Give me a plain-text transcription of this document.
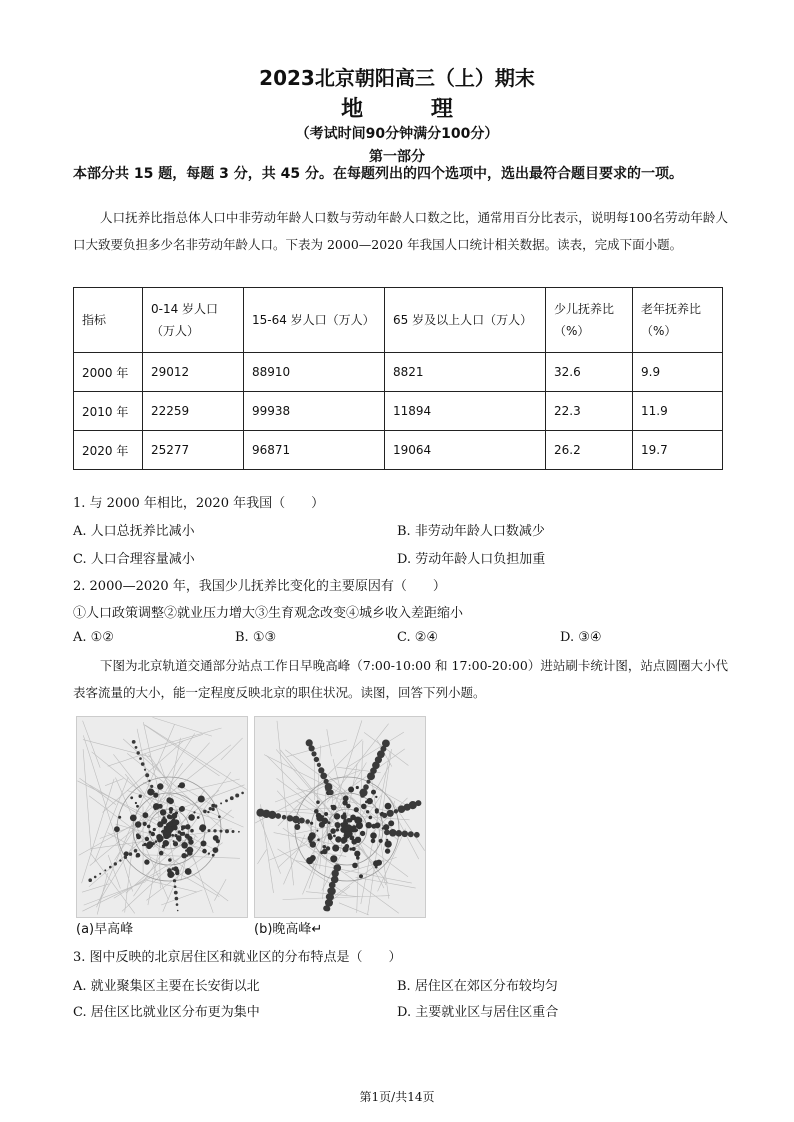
2023北京朝阳高三（上）期末
地 理
（考试时间90分钟满分100分）
第一部分
本部分共 15 题，每题 3 分，共 45 分。在每题列出的四个选项中，选出最符合题目要求的一项。
人口抚养比指总体人口中非劳动年龄人口数与劳动年龄人口数之比，通常用百分比表示，说明每100名劳动年龄人口大致要负担多少名非劳动年龄人口。下表为 2000—2020 年我国人口统计相关数据。读表，完成下面小题。
指标	0-14 岁人口（万人）	15-64 岁人口（万人）	65 岁及以上人口（万人）	少儿抚养比（%）	老年抚养比（%）
2000 年	29012	88910	8821	32.6	9.9
2010 年	22259	99938	11894	22.3	11.9
2020 年	25277	96871	19064	26.2	19.7
1. 与 2000 年相比，2020 年我国（　　）
A. 人口总抚养比减小	B. 非劳动年龄人口数减少
C. 人口合理容量减小	D. 劳动年龄人口负担加重
2. 2000—2020 年，我国少儿抚养比变化的主要原因有（　　）
①人口政策调整②就业压力增大③生育观念改变④城乡收入差距缩小
A. ①②	B. ①③	C. ②④	D. ③④
下图为北京轨道交通部分站点工作日早晚高峰（7:00-10:00 和 17:00-20:00）进站刷卡统计图，站点圆圈大小代表客流量的大小，能一定程度反映北京的职住状况。读图，回答下列小题。
(a)早高峰	(b)晚高峰↵
3. 图中反映的北京居住区和就业区的分布特点是（　　）
A. 就业聚集区主要在长安街以北	B. 居住区在郊区分布较均匀
C. 居住区比就业区分布更为集中	D. 主要就业区与居住区重合
第1页/共14页
